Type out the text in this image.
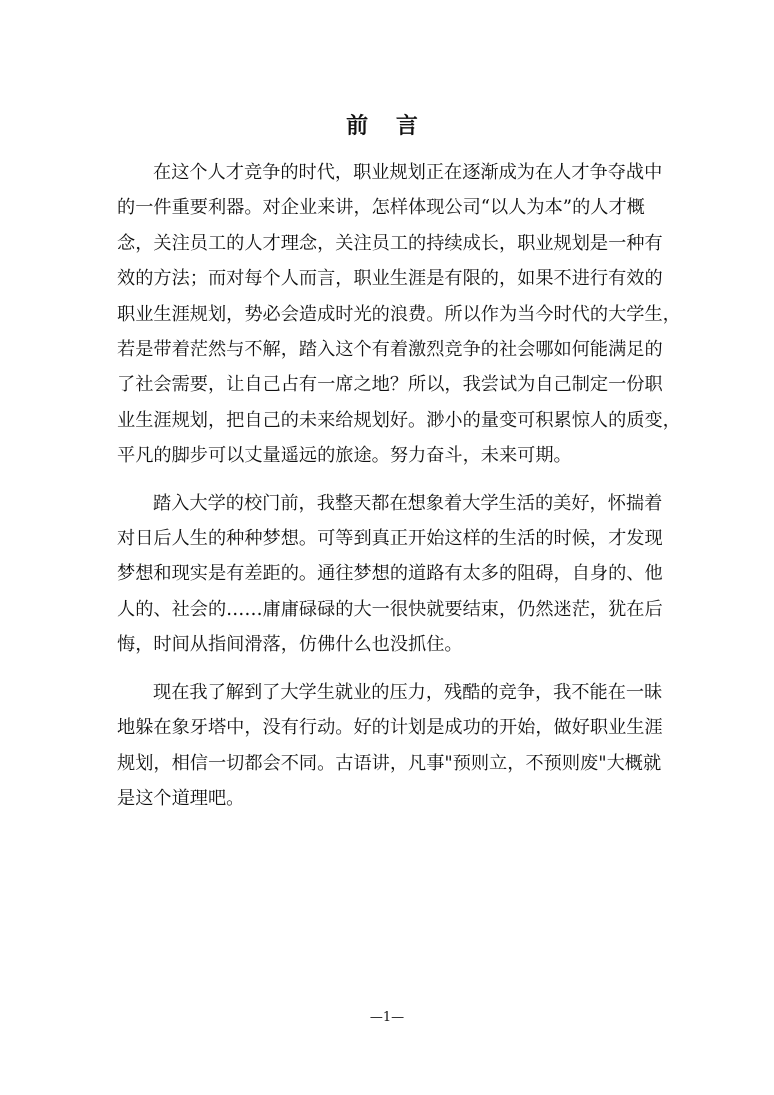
前 言

在这个人才竞争的时代，职业规划正在逐渐成为在人才争夺战中
的一件重要利器。对企业来讲，怎样体现公司“以人为本”的人才概
念，关注员工的人才理念，关注员工的持续成长，职业规划是一种有
效的方法；而对每个人而言，职业生涯是有限的，如果不进行有效的
职业生涯规划，势必会造成时光的浪费。所以作为当今时代的大学生，
若是带着茫然与不解，踏入这个有着激烈竞争的社会哪如何能满足的
了社会需要，让自己占有一席之地？所以，我尝试为自己制定一份职
业生涯规划，把自己的未来给规划好。渺小的量变可积累惊人的质变，
平凡的脚步可以丈量遥远的旅途。努力奋斗，未来可期。

踏入大学的校门前，我整天都在想象着大学生活的美好，怀揣着
对日后人生的种种梦想。可等到真正开始这样的生活的时候，才发现
梦想和现实是有差距的。通往梦想的道路有太多的阻碍，自身的、他
人的、社会的……庸庸碌碌的大一很快就要结束，仍然迷茫，犹在后
悔，时间从指间滑落，仿佛什么也没抓住。

现在我了解到了大学生就业的压力，残酷的竞争，我不能在一昧
地躲在象牙塔中，没有行动。好的计划是成功的开始，做好职业生涯
规划，相信一切都会不同。古语讲，凡事"预则立，不预则废"大概就
是这个道理吧。

—1—
